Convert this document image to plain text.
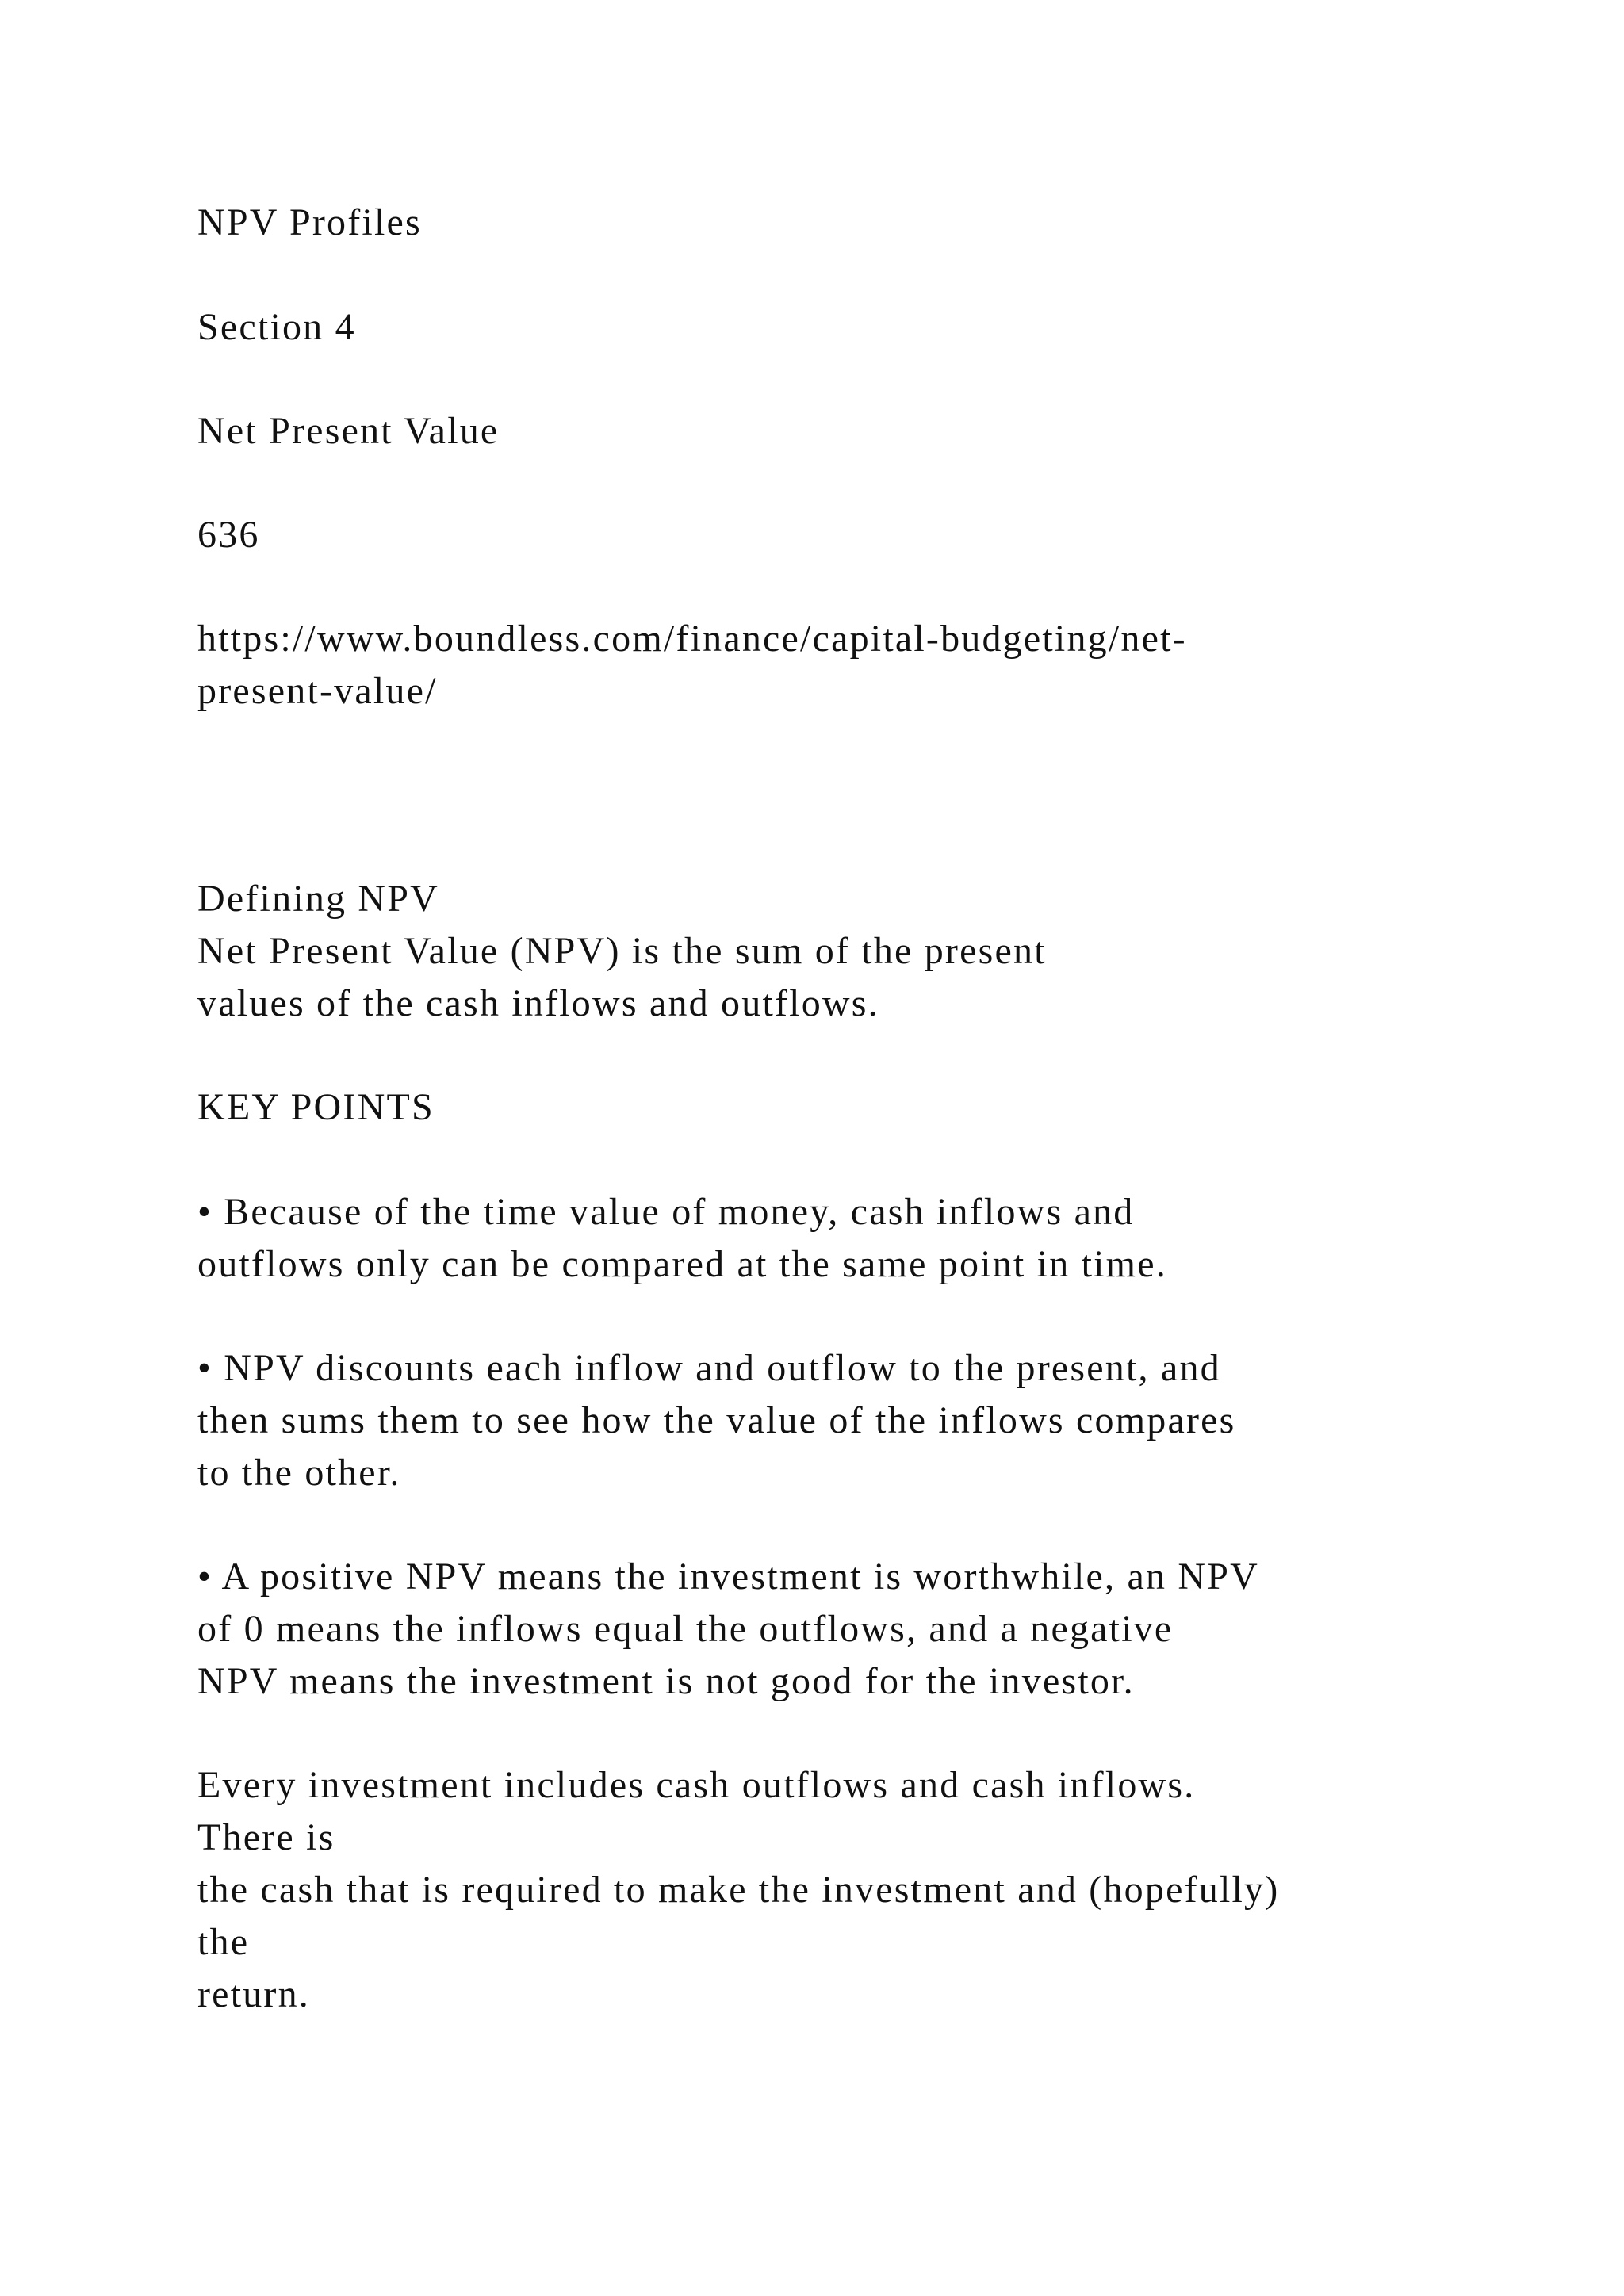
NPV Profiles

Section 4

Net Present Value

636

https://www.boundless.com/finance/capital-budgeting/net-

present-value/

Defining NPV

Net Present Value (NPV) is the sum of the present

values of the cash inflows and outflows.

KEY POINTS

• Because of the time value of money, cash inflows and

outflows only can be compared at the same point in time.

• NPV discounts each inflow and outflow to the present, and

then sums them to see how the value of the inflows compares

to the other.

• A positive NPV means the investment is worthwhile, an NPV

of 0 means the inflows equal the outflows, and a negative

NPV means the investment is not good for the investor.

Every investment includes cash outflows and cash inflows.

There is

the cash that is required to make the investment and (hopefully)

the

return.
